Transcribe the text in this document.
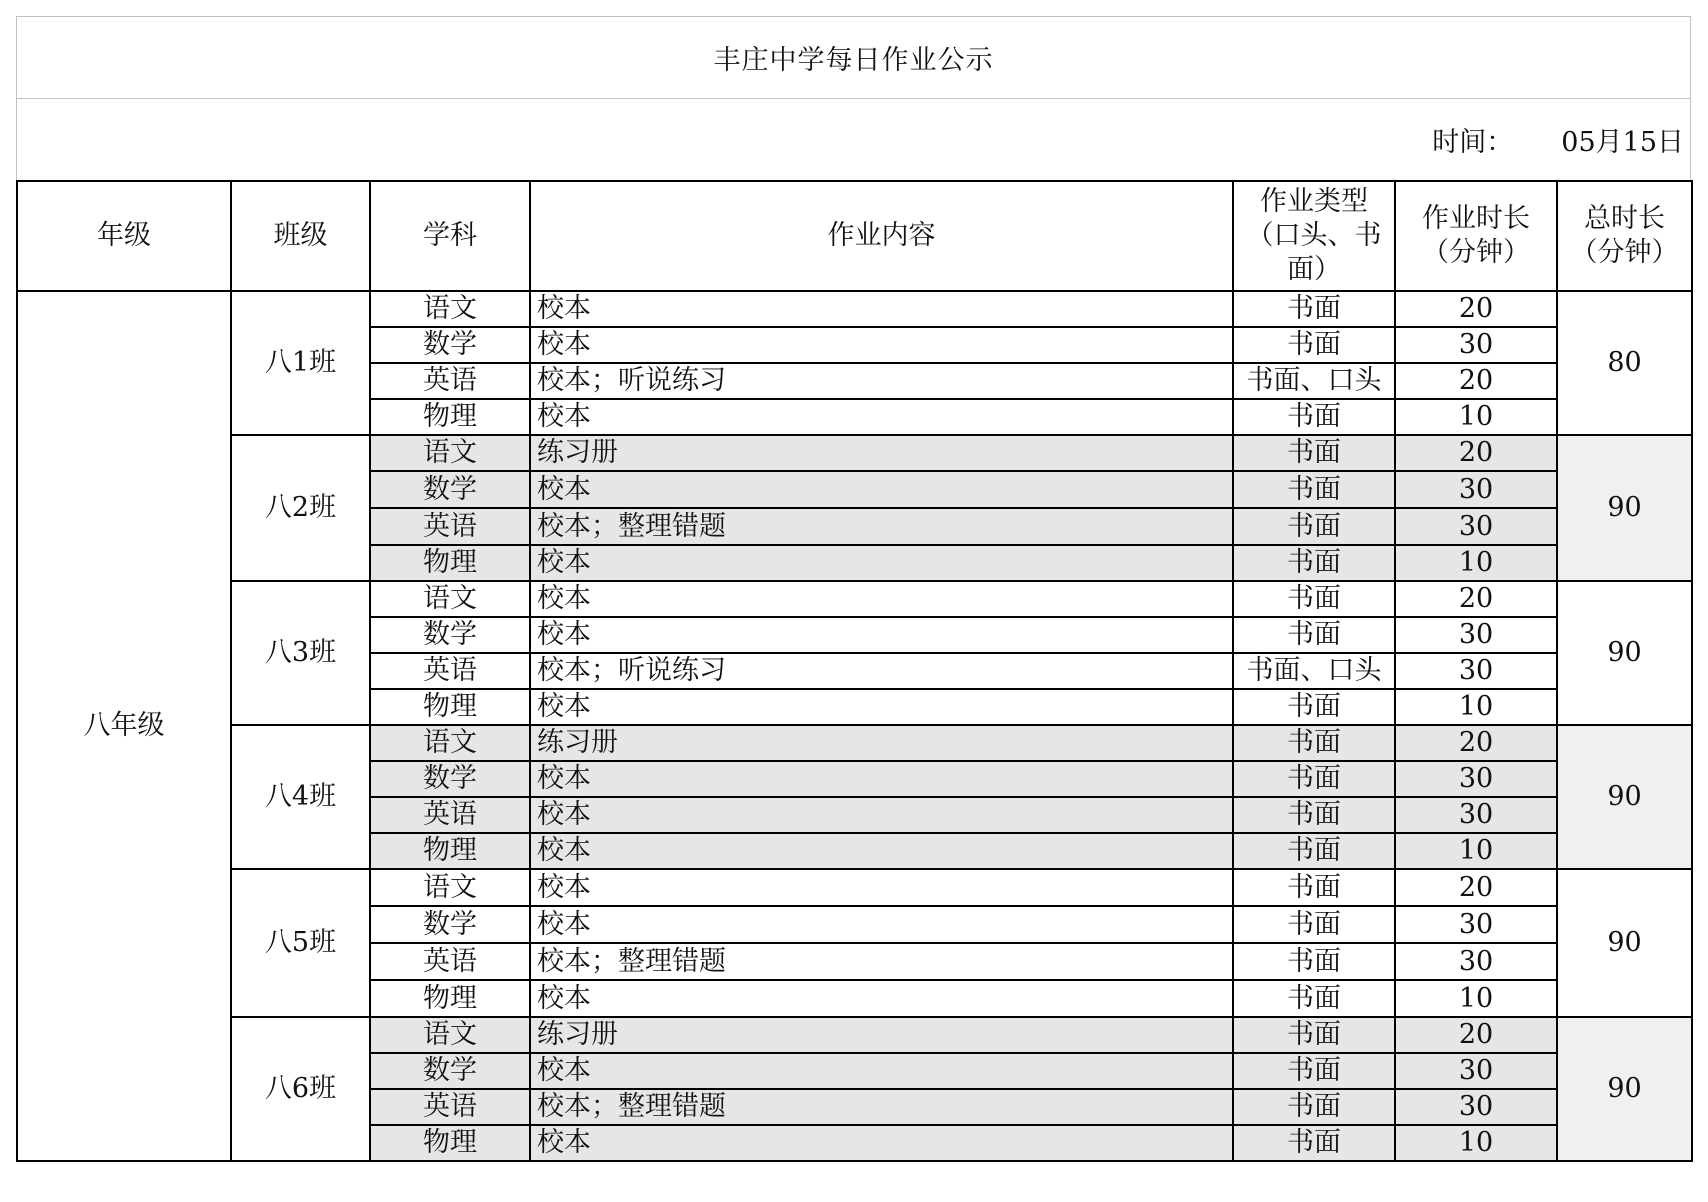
丰庄中学每日作业公示
时间： 05月15日
年级	班级	学科	作业内容	作业类型（口头、书面）	作业时长（分钟）	总时长（分钟）
八年级	八1班	语文	校本	书面	20	80
		数学	校本	书面	30	
		英语	校本；听说练习	书面、口头	20	
		物理	校本	书面	10	
	八2班	语文	练习册	书面	20	90
		数学	校本	书面	30	
		英语	校本；整理错题	书面	30	
		物理	校本	书面	10	
	八3班	语文	校本	书面	20	90
		数学	校本	书面	30	
		英语	校本；听说练习	书面、口头	30	
		物理	校本	书面	10	
	八4班	语文	练习册	书面	20	90
		数学	校本	书面	30	
		英语	校本	书面	30	
		物理	校本	书面	10	
	八5班	语文	校本	书面	20	90
		数学	校本	书面	30	
		英语	校本；整理错题	书面	30	
		物理	校本	书面	10	
	八6班	语文	练习册	书面	20	90
		数学	校本	书面	30	
		英语	校本；整理错题	书面	30	
		物理	校本	书面	10	
